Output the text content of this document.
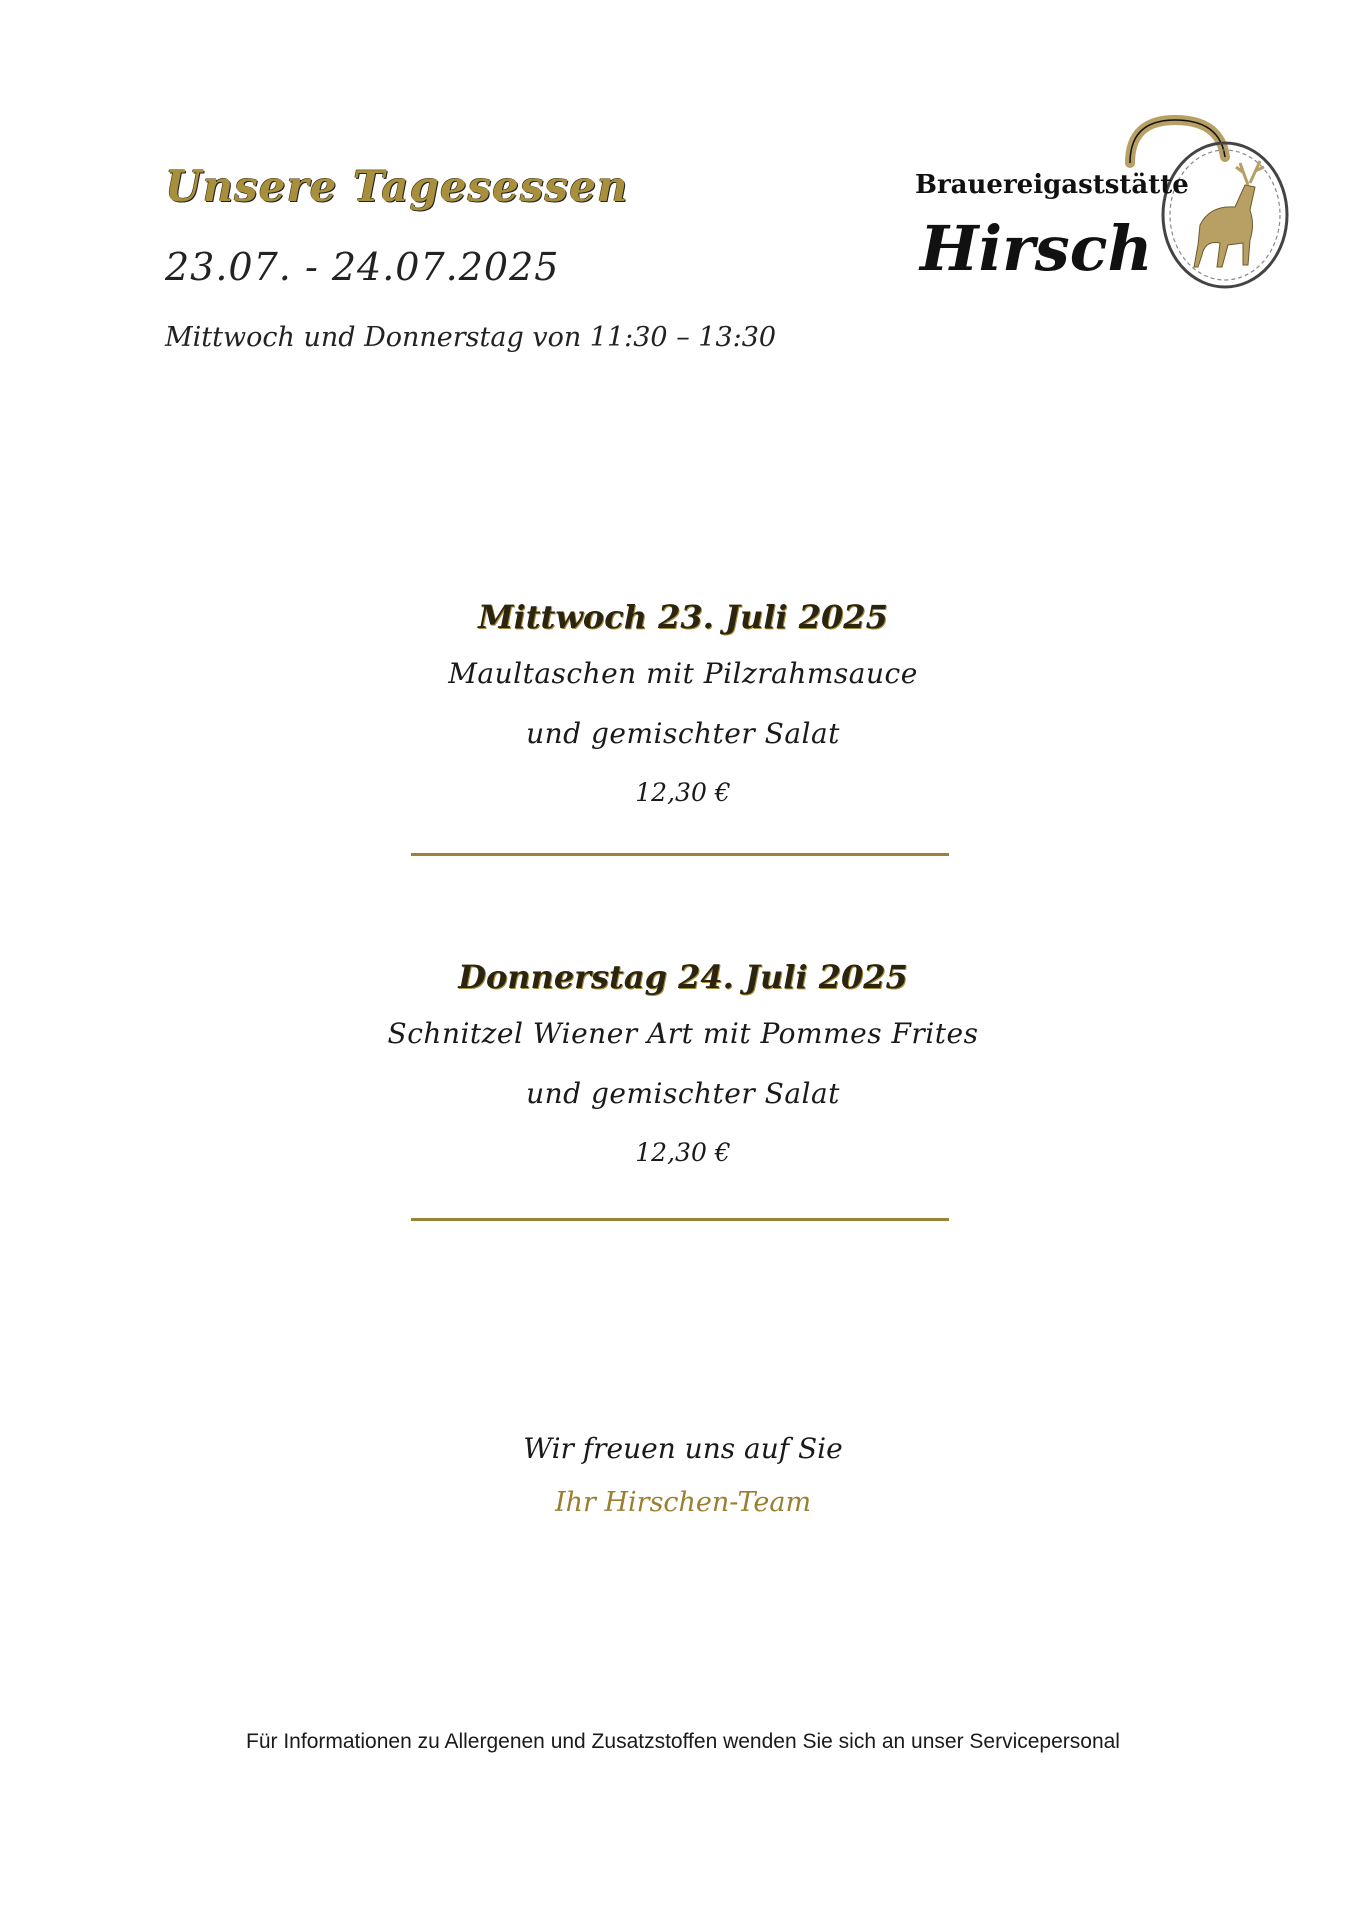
Unsere Tagesessen
23.07. - 24.07.2025
Mittwoch und Donnerstag von 11:30 – 13:30
Brauereigaststätte
Hirsch
Mittwoch 23. Juli 2025
Maultaschen mit Pilzrahmsauce
und gemischter Salat
12,30 €
Donnerstag 24. Juli 2025
Schnitzel Wiener Art mit Pommes Frites
und gemischter Salat
12,30 €
Wir freuen uns auf Sie
Ihr Hirschen-Team
Für Informationen zu Allergenen und Zusatzstoffen wenden Sie sich an unser Servicepersonal
